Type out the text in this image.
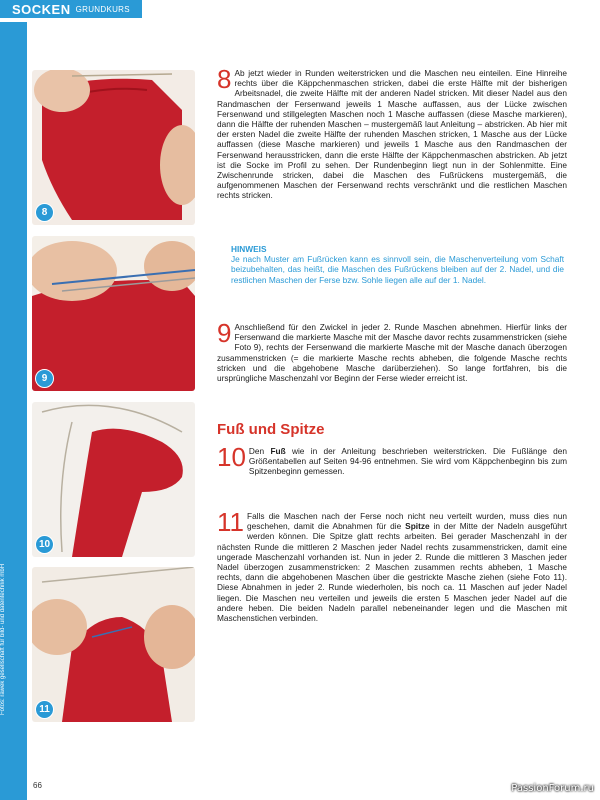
SOCKEN GRUNDKURS
Fotos: rawek gesellschaft für bild- und datentechnik mbH
66
8
9
10
11
8 Ab jetzt wieder in Runden weiterstricken und die Maschen neu einteilen. Eine Hinreihe rechts über die Käppchenmaschen stricken, dabei die erste Hälfte mit der bisherigen Arbeitsnadel, die zweite Hälfte mit der anderen Nadel stricken. Mit dieser Nadel aus den Randmaschen der Fersenwand jeweils 1 Masche auffassen, aus der Lücke zwischen Fersenwand und stillgelegten Maschen noch 1 Masche auffassen (diese Masche markieren), dann die Hälfte der ruhenden Maschen – mustergemäß laut Anleitung – abstricken. Ab hier mit der ersten Nadel die zweite Hälfte der ruhenden Maschen stricken, 1 Masche aus der Lücke auffassen (diese Masche markieren) und jeweils 1 Masche aus den Randmaschen der Fersenwand herausstricken, dann die erste Hälfte der Käppchenmaschen abstricken. Ab jetzt ist die Socke im Profil zu sehen. Der Rundenbeginn liegt nun in der Sohlenmitte. Eine Zwischenrunde stricken, dabei die Maschen des Fußrückens mustergemäß, die aufgenommenen Maschen der Fersenwand rechts verschränkt und die restlichen Maschen rechts stricken.
HINWEIS
Je nach Muster am Fußrücken kann es sinnvoll sein, die Maschenverteilung vom Schaft beizubehalten, das heißt, die Maschen des Fußrückens bleiben auf der 2. Nadel, und die restlichen Maschen der Ferse bzw. Sohle liegen alle auf der 1. Nadel.
9 Anschließend für den Zwickel in jeder 2. Runde Maschen abnehmen. Hierfür links der Fersenwand die markierte Masche mit der Masche davor rechts zusammenstricken (siehe Foto 9), rechts der Fersenwand die markierte Masche mit der Masche danach überzogen zusammenstricken (= die markierte Masche rechts abheben, die folgende Masche rechts stricken und die abgehobene Masche darüberziehen). So lange fortfahren, bis die ursprüngliche Maschenzahl vor Beginn der Ferse wieder erreicht ist.
Fuß und Spitze
10 Den Fuß wie in der Anleitung beschrieben weiterstricken. Die Fußlänge den Größentabellen auf Seiten 94-96 entnehmen. Sie wird vom Käppchenbeginn bis zum Spitzenbeginn gemessen.
11 Falls die Maschen nach der Ferse noch nicht neu verteilt wurden, muss dies nun geschehen, damit die Abnahmen für die Spitze in der Mitte der Nadeln ausgeführt werden können. Die Spitze glatt rechts arbeiten. Bei gerader Maschenzahl in der nächsten Runde die mittleren 2 Maschen jeder Nadel rechts zusammenstricken, damit eine ungerade Maschenzahl vorhanden ist. Nun in jeder 2. Runde die mittleren 3 Maschen jeder Nadel überzogen zusammenstricken: 2 Maschen zusammen rechts abheben, 1 Masche rechts, dann die abgehobenen Maschen über die gestrickte Masche ziehen (siehe Foto 11). Diese Abnahmen in jeder 2. Runde wiederholen, bis noch ca. 11 Maschen auf jeder Nadel liegen. Die Maschen neu verteilen und jeweils die ersten 5 Maschen jeder Nadel auf die andere heben. Die beiden Nadeln parallel nebeneinander legen und die Maschen mit Maschenstichen verbinden.
PassionForum.ru
